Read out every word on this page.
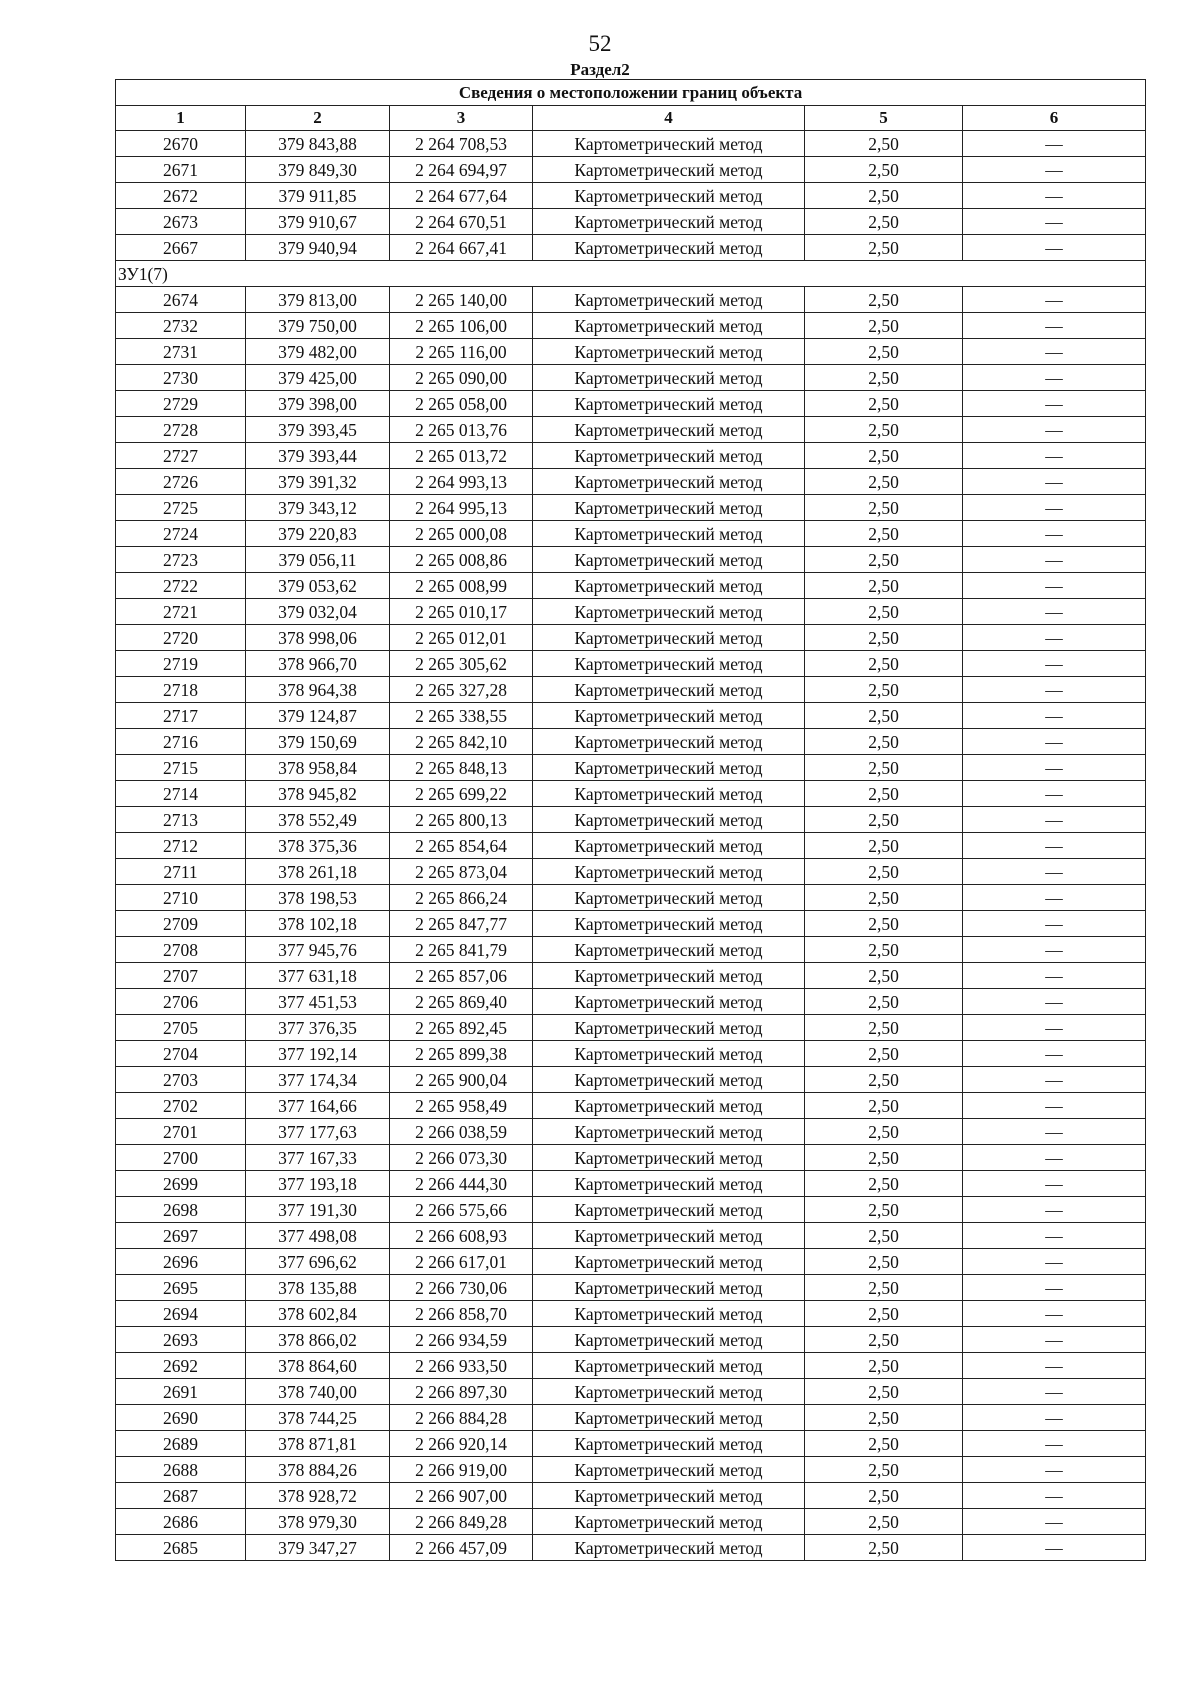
52
Раздел2
Сведения о местоположении границ объекта					
1	2	3	4	5	6
2670	379 843,88	2 264 708,53	Картометрический метод	2,50	—
2671	379 849,30	2 264 694,97	Картометрический метод	2,50	—
2672	379 911,85	2 264 677,64	Картометрический метод	2,50	—
2673	379 910,67	2 264 670,51	Картометрический метод	2,50	—
2667	379 940,94	2 264 667,41	Картометрический метод	2,50	—
ЗУ1(7)					
2674	379 813,00	2 265 140,00	Картометрический метод	2,50	—
2732	379 750,00	2 265 106,00	Картометрический метод	2,50	—
2731	379 482,00	2 265 116,00	Картометрический метод	2,50	—
2730	379 425,00	2 265 090,00	Картометрический метод	2,50	—
2729	379 398,00	2 265 058,00	Картометрический метод	2,50	—
2728	379 393,45	2 265 013,76	Картометрический метод	2,50	—
2727	379 393,44	2 265 013,72	Картометрический метод	2,50	—
2726	379 391,32	2 264 993,13	Картометрический метод	2,50	—
2725	379 343,12	2 264 995,13	Картометрический метод	2,50	—
2724	379 220,83	2 265 000,08	Картометрический метод	2,50	—
2723	379 056,11	2 265 008,86	Картометрический метод	2,50	—
2722	379 053,62	2 265 008,99	Картометрический метод	2,50	—
2721	379 032,04	2 265 010,17	Картометрический метод	2,50	—
2720	378 998,06	2 265 012,01	Картометрический метод	2,50	—
2719	378 966,70	2 265 305,62	Картометрический метод	2,50	—
2718	378 964,38	2 265 327,28	Картометрический метод	2,50	—
2717	379 124,87	2 265 338,55	Картометрический метод	2,50	—
2716	379 150,69	2 265 842,10	Картометрический метод	2,50	—
2715	378 958,84	2 265 848,13	Картометрический метод	2,50	—
2714	378 945,82	2 265 699,22	Картометрический метод	2,50	—
2713	378 552,49	2 265 800,13	Картометрический метод	2,50	—
2712	378 375,36	2 265 854,64	Картометрический метод	2,50	—
2711	378 261,18	2 265 873,04	Картометрический метод	2,50	—
2710	378 198,53	2 265 866,24	Картометрический метод	2,50	—
2709	378 102,18	2 265 847,77	Картометрический метод	2,50	—
2708	377 945,76	2 265 841,79	Картометрический метод	2,50	—
2707	377 631,18	2 265 857,06	Картометрический метод	2,50	—
2706	377 451,53	2 265 869,40	Картометрический метод	2,50	—
2705	377 376,35	2 265 892,45	Картометрический метод	2,50	—
2704	377 192,14	2 265 899,38	Картометрический метод	2,50	—
2703	377 174,34	2 265 900,04	Картометрический метод	2,50	—
2702	377 164,66	2 265 958,49	Картометрический метод	2,50	—
2701	377 177,63	2 266 038,59	Картометрический метод	2,50	—
2700	377 167,33	2 266 073,30	Картометрический метод	2,50	—
2699	377 193,18	2 266 444,30	Картометрический метод	2,50	—
2698	377 191,30	2 266 575,66	Картометрический метод	2,50	—
2697	377 498,08	2 266 608,93	Картометрический метод	2,50	—
2696	377 696,62	2 266 617,01	Картометрический метод	2,50	—
2695	378 135,88	2 266 730,06	Картометрический метод	2,50	—
2694	378 602,84	2 266 858,70	Картометрический метод	2,50	—
2693	378 866,02	2 266 934,59	Картометрический метод	2,50	—
2692	378 864,60	2 266 933,50	Картометрический метод	2,50	—
2691	378 740,00	2 266 897,30	Картометрический метод	2,50	—
2690	378 744,25	2 266 884,28	Картометрический метод	2,50	—
2689	378 871,81	2 266 920,14	Картометрический метод	2,50	—
2688	378 884,26	2 266 919,00	Картометрический метод	2,50	—
2687	378 928,72	2 266 907,00	Картометрический метод	2,50	—
2686	378 979,30	2 266 849,28	Картометрический метод	2,50	—
2685	379 347,27	2 266 457,09	Картометрический метод	2,50	—
